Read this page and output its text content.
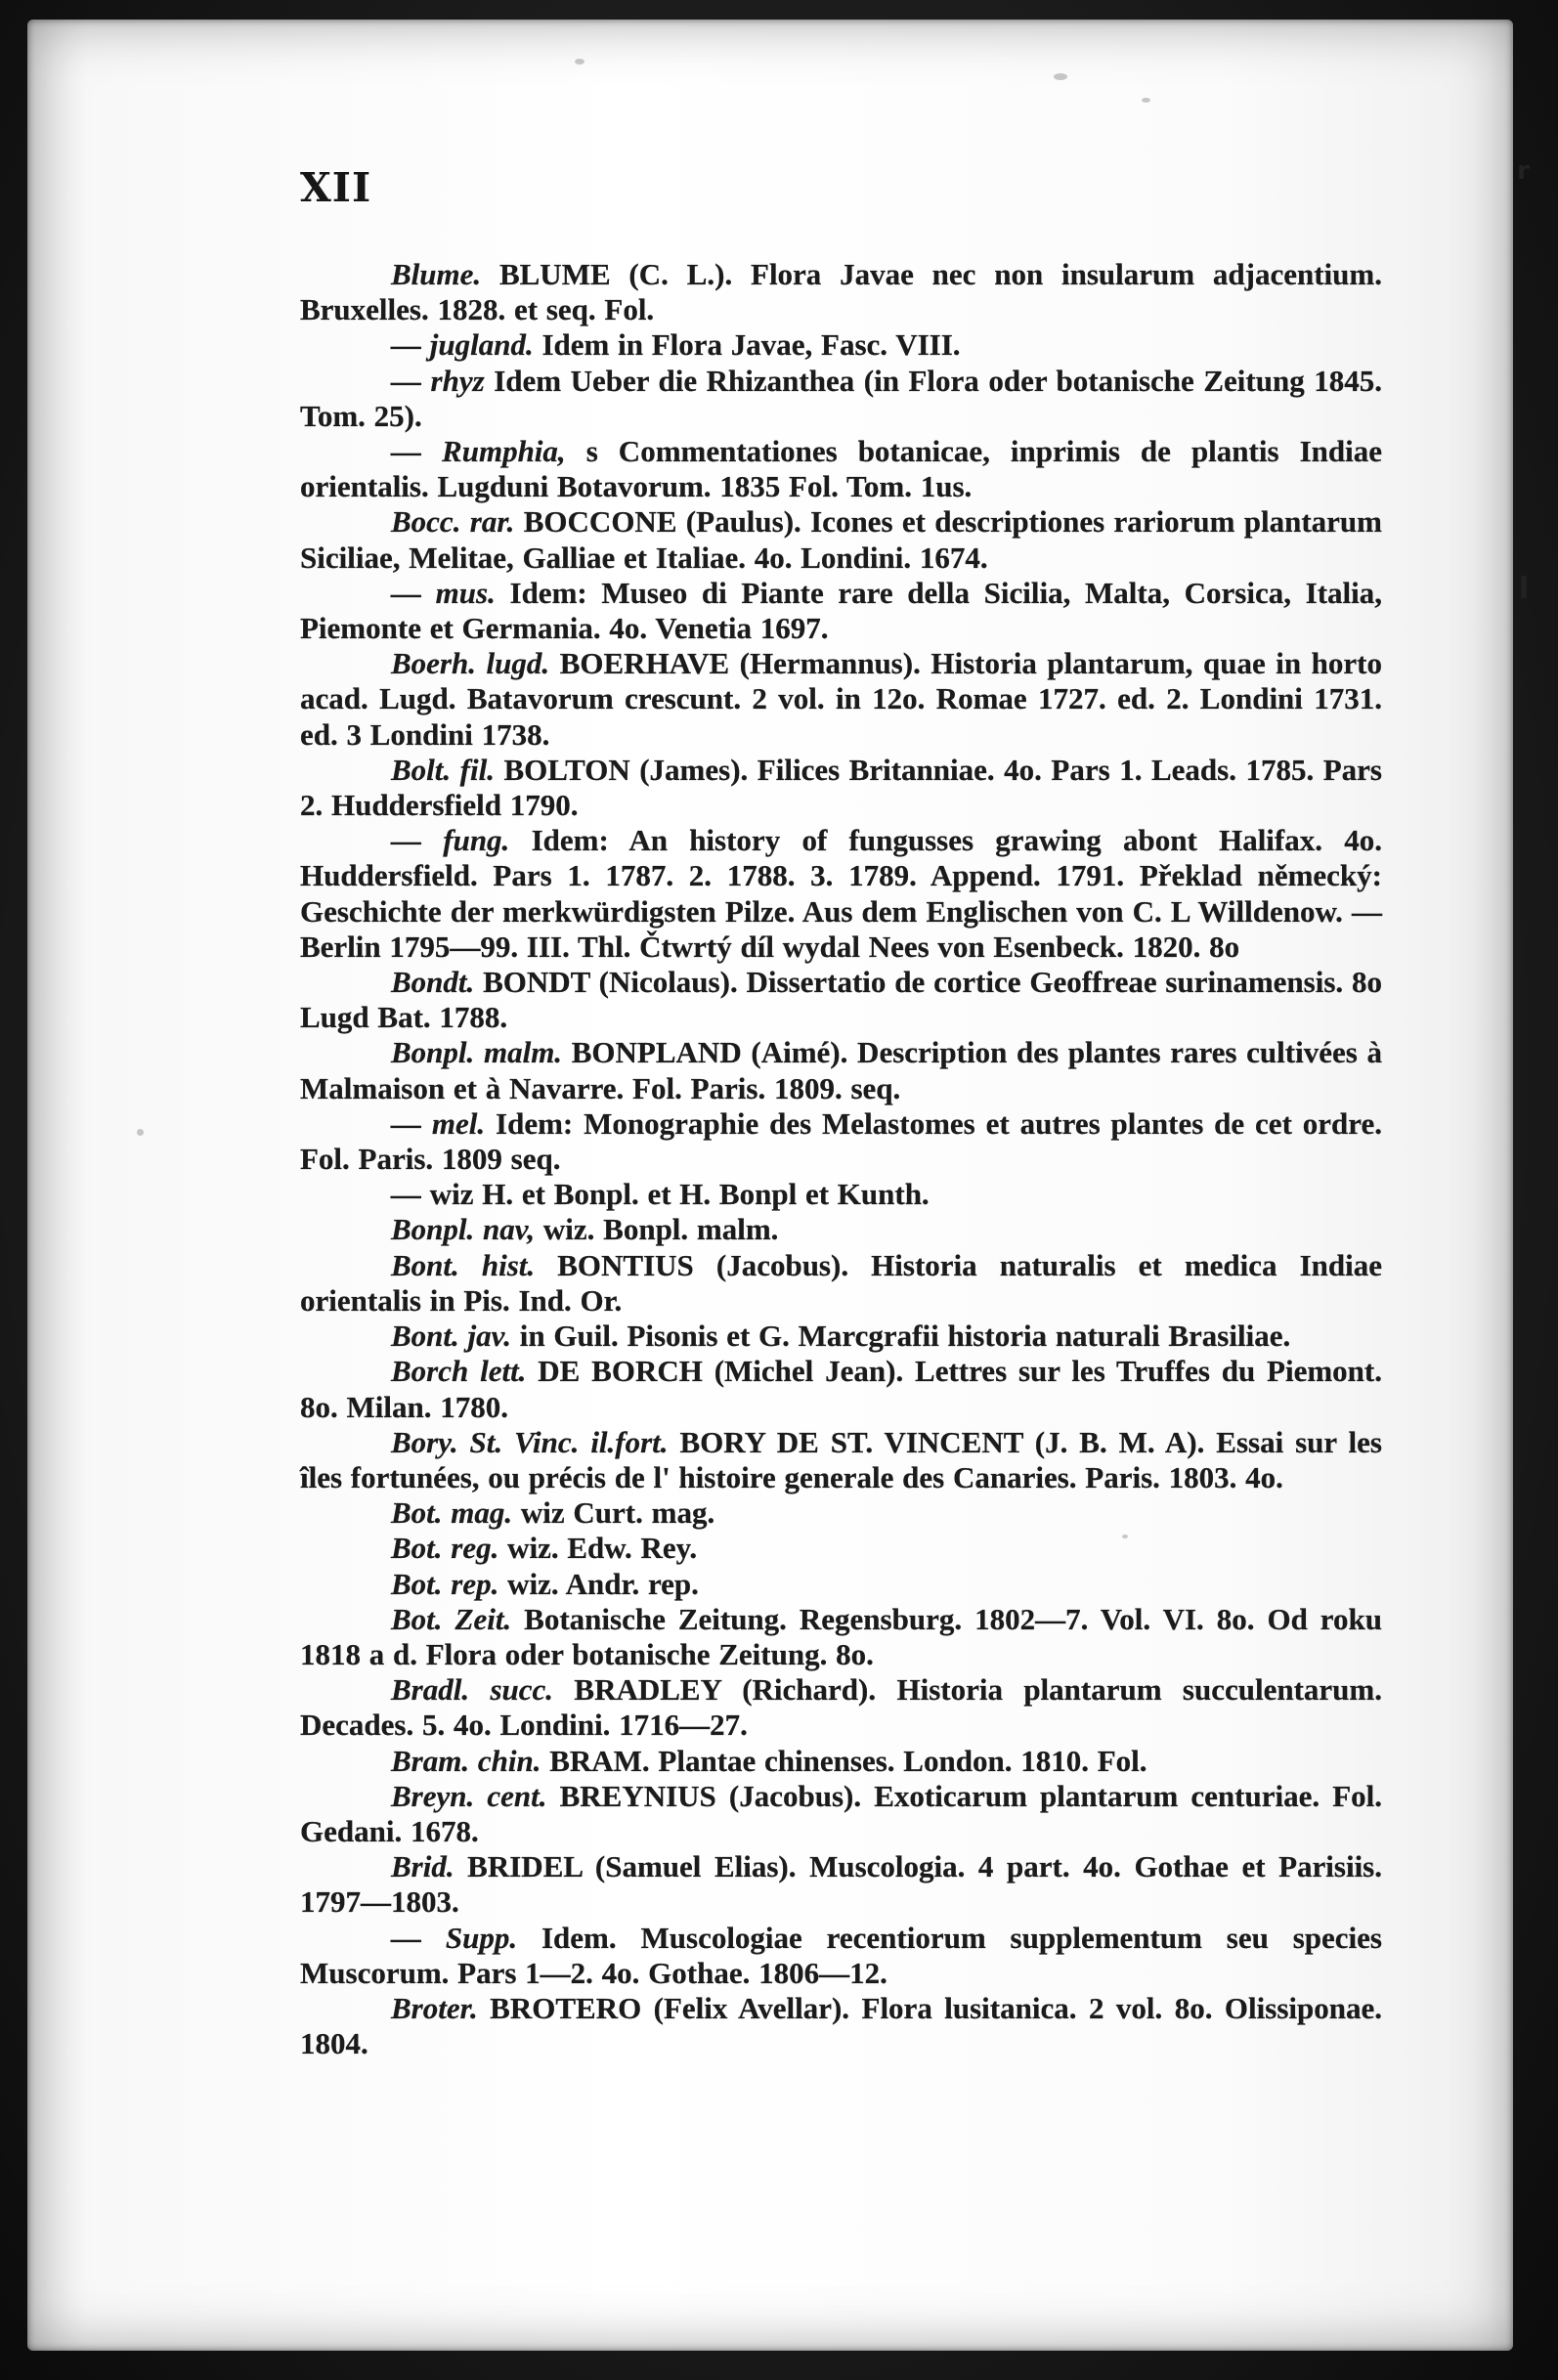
r
l
XII

Blume. BLUME (C. L.). Flora Javae nec non insularum adjacentium. Bruxelles. 1828. et seq. Fol.

— jugland. Idem in Flora Javae, Fasc. VIII.

— rhyz Idem Ueber die Rhizanthea (in Flora oder botanische Zeitung 1845. Tom. 25).

— Rumphia, s Commentationes botanicae, inprimis de plantis Indiae orientalis. Lugduni Botavorum. 1835 Fol. Tom. 1us.

Bocc. rar. BOCCONE (Paulus). Icones et descriptiones rariorum plantarum Siciliae, Melitae, Galliae et Italiae. 4o. Londini. 1674.

— mus. Idem: Museo di Piante rare della Sicilia, Malta, Corsica, Italia, Piemonte et Germania. 4o. Venetia 1697.

Boerh. lugd. BOERHAVE (Hermannus). Historia plantarum, quae in horto acad. Lugd. Batavorum crescunt. 2 vol. in 12o. Romae 1727. ed. 2. Londini 1731. ed. 3 Londini 1738.

Bolt. fil. BOLTON (James). Filices Britanniae. 4o. Pars 1. Leads. 1785. Pars 2. Huddersfield 1790.

— fung. Idem: An history of fungusses grawing abont Halifax. 4o. Huddersfield. Pars 1. 1787. 2. 1788. 3. 1789. Append. 1791. Překlad německý: Geschichte der merkwürdigsten Pilze. Aus dem Englischen von C. L Willdenow. — Berlin 1795—99. III. Thl. Čtwrtý díl wydal Nees von Esenbeck. 1820. 8o

Bondt. BONDT (Nicolaus). Dissertatio de cortice Geoffreae surinamensis. 8o Lugd Bat. 1788.

Bonpl. malm. BONPLAND (Aimé). Description des plantes rares cultivées à Malmaison et à Navarre. Fol. Paris. 1809. seq.

— mel. Idem: Monographie des Melastomes et autres plantes de cet ordre. Fol. Paris. 1809 seq.

— wiz H. et Bonpl. et H. Bonpl et Kunth.

Bonpl. nav, wiz. Bonpl. malm.

Bont. hist. BONTIUS (Jacobus). Historia naturalis et medica Indiae orientalis in Pis. Ind. Or.

Bont. jav. in Guil. Pisonis et G. Marcgrafii historia naturali Brasiliae.

Borch lett. DE BORCH (Michel Jean). Lettres sur les Truffes du Piemont. 8o. Milan. 1780.

Bory. St. Vinc. il.fort. BORY DE ST. VINCENT (J. B. M. A). Essai sur les îles fortunées, ou précis de l' histoire generale des Canaries. Paris. 1803. 4o.

Bot. mag. wiz Curt. mag.

Bot. reg. wiz. Edw. Rey.

Bot. rep. wiz. Andr. rep.

Bot. Zeit. Botanische Zeitung. Regensburg. 1802—7. Vol. VI. 8o. Od roku 1818 a d. Flora oder botanische Zeitung. 8o.

Bradl. succ. BRADLEY (Richard). Historia plantarum succulentarum. Decades. 5. 4o. Londini. 1716—27.

Bram. chin. BRAM. Plantae chinenses. London. 1810. Fol.

Breyn. cent. BREYNIUS (Jacobus). Exoticarum plantarum centuriae. Fol. Gedani. 1678.

Brid. BRIDEL (Samuel Elias). Muscologia. 4 part. 4o. Gothae et Parisiis. 1797—1803.

— Supp. Idem. Muscologiae recentiorum supplementum seu species Muscorum. Pars 1—2. 4o. Gothae. 1806—12.

Broter. BROTERO (Felix Avellar). Flora lusitanica. 2 vol. 8o. Olissiponae. 1804.
